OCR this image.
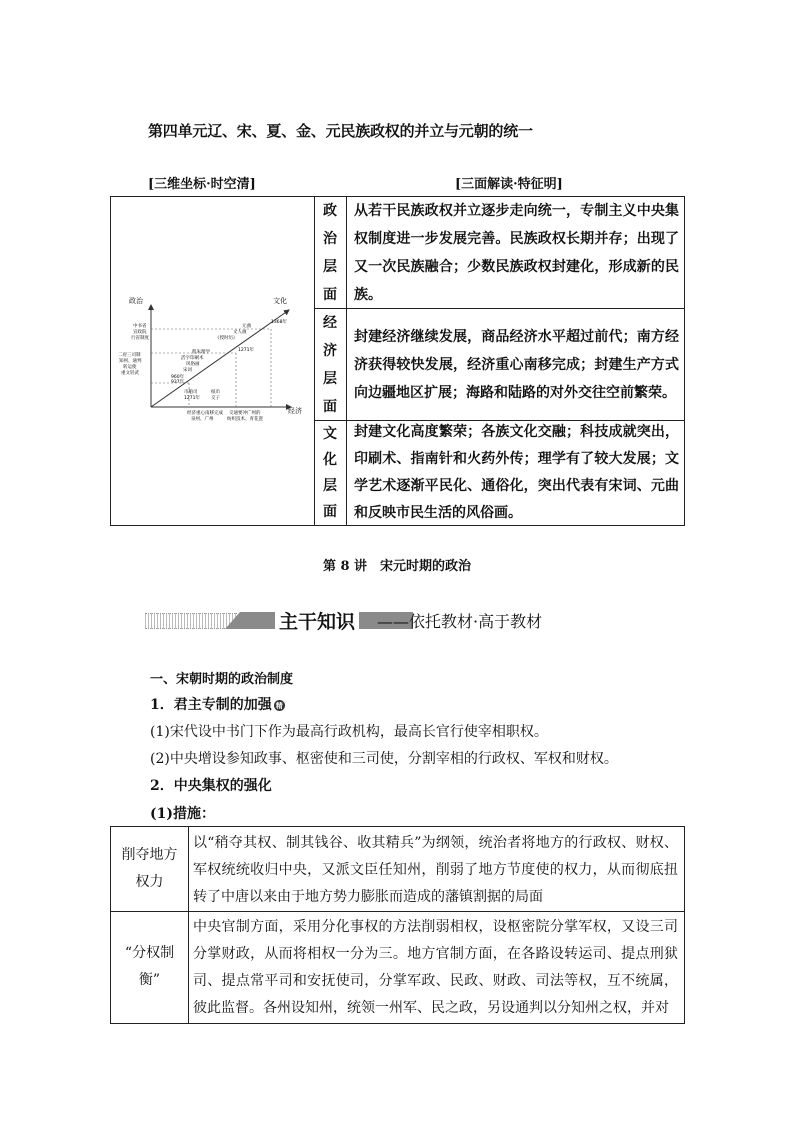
第四单元辽、宋、夏、金、元民族政权的并立与元朝的统一
[三维坐标·时空清]	[三面解读·特征明]
政治	文化
经济
中书省
宣政院
行省制度
二府三司制
知州、通判
转运使
重文轻武
1368年
元曲
文人画
《授时历》
1271年
程朱理学
活字印刷术
风俗画
宋词
937年
市舶司
1271年
960年
纸币
交子
经济重心南移完成
泉州、广州
交通要冲广州的
纺织技术、青花瓷
政治层面
从若干民族政权并立逐步走向统一，专制主义中央集权制度进一步发展完善。民族政权长期并存；出现了又一次民族融合；少数民族政权封建化，形成新的民族。
经济层面
封建经济继续发展，商品经济水平超过前代；南方经济获得较快发展，经济重心南移完成；封建生产方式向边疆地区扩展；海路和陆路的对外交往空前繁荣。
文化层面
封建文化高度繁荣；各族文化交融；科技成就突出，印刷术、指南针和火药外传；理学有了较大发展；文学艺术逐渐平民化、通俗化，突出代表有宋词、元曲和反映市民生活的风俗画。
第 8 讲　宋元时期的政治
主干知识 ——依托教材·高于教材
一、宋朝时期的政治制度
1．君主专制的加强 精
(1)宋代设中书门下作为最高行政机构，最高长官行使宰相职权。
(2)中央增设参知政事、枢密使和三司使，分割宰相的行政权、军权和财权。
2．中央集权的强化
(1)措施：
削夺地方权力
以“稍夺其权、制其钱谷、收其精兵”为纲领，统治者将地方的行政权、财权、军权统统收归中央，又派文臣任知州，削弱了地方节度使的权力，从而彻底扭转了中唐以来由于地方势力膨胀而造成的藩镇割据的局面
“分权制衡”
中央官制方面，采用分化事权的方法削弱相权，设枢密院分掌军权，又设三司分掌财政，从而将相权一分为三。地方官制方面，在各路设转运司、提点刑狱司、提点常平司和安抚使司，分掌军政、民政、财政、司法等权，互不统属，彼此监督。各州设知州，统领一州军、民之政，另设通判以分知州之权，并对
